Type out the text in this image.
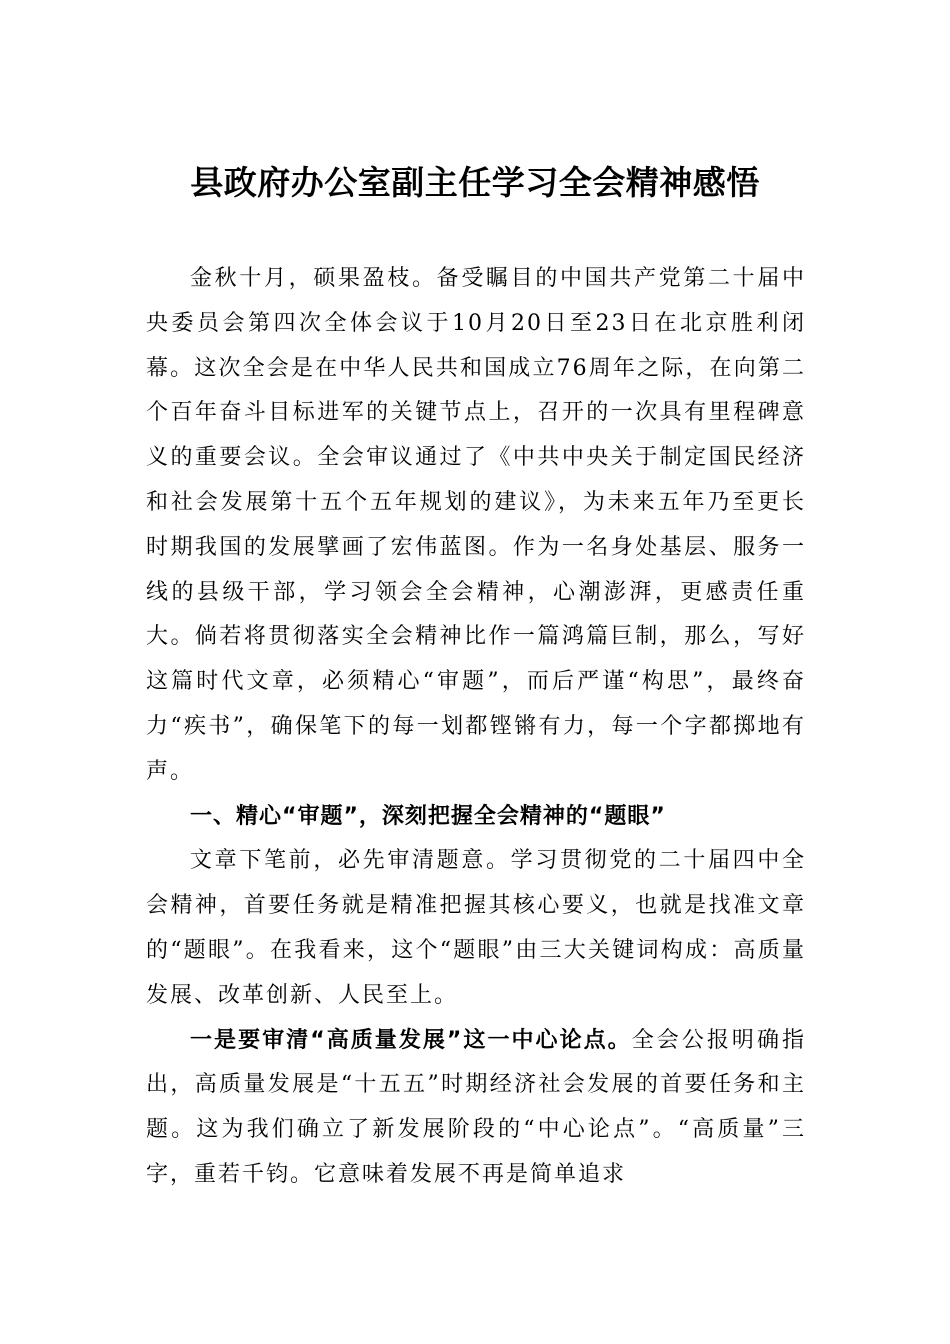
县政府办公室副主任学习全会精神感悟

金秋十月，硕果盈枝。备受瞩目的中国共产党第二十届中央委员会第四次全体会议于10月20日至23日在北京胜利闭幕。这次全会是在中华人民共和国成立76周年之际，在向第二个百年奋斗目标进军的关键节点上，召开的一次具有里程碑意义的重要会议。全会审议通过了《中共中央关于制定国民经济和社会发展第十五个五年规划的建议》，为未来五年乃至更长时期我国的发展擘画了宏伟蓝图。作为一名身处基层、服务一线的县级干部，学习领会全会精神，心潮澎湃，更感责任重大。倘若将贯彻落实全会精神比作一篇鸿篇巨制，那么，写好这篇时代文章，必须精心“审题”，而后严谨“构思”，最终奋力“疾书”，确保笔下的每一划都铿锵有力，每一个字都掷地有声。

一、精心“审题”，深刻把握全会精神的“题眼”

文章下笔前，必先审清题意。学习贯彻党的二十届四中全会精神，首要任务就是精准把握其核心要义，也就是找准文章的“题眼”。在我看来，这个“题眼”由三大关键词构成：高质量发展、改革创新、人民至上。

一是要审清“高质量发展”这一中心论点。全会公报明确指出，高质量发展是“十五五”时期经济社会发展的首要任务和主题。这为我们确立了新发展阶段的“中心论点”。“高质量”三字，重若千钧。它意味着发展不再是简单追求
